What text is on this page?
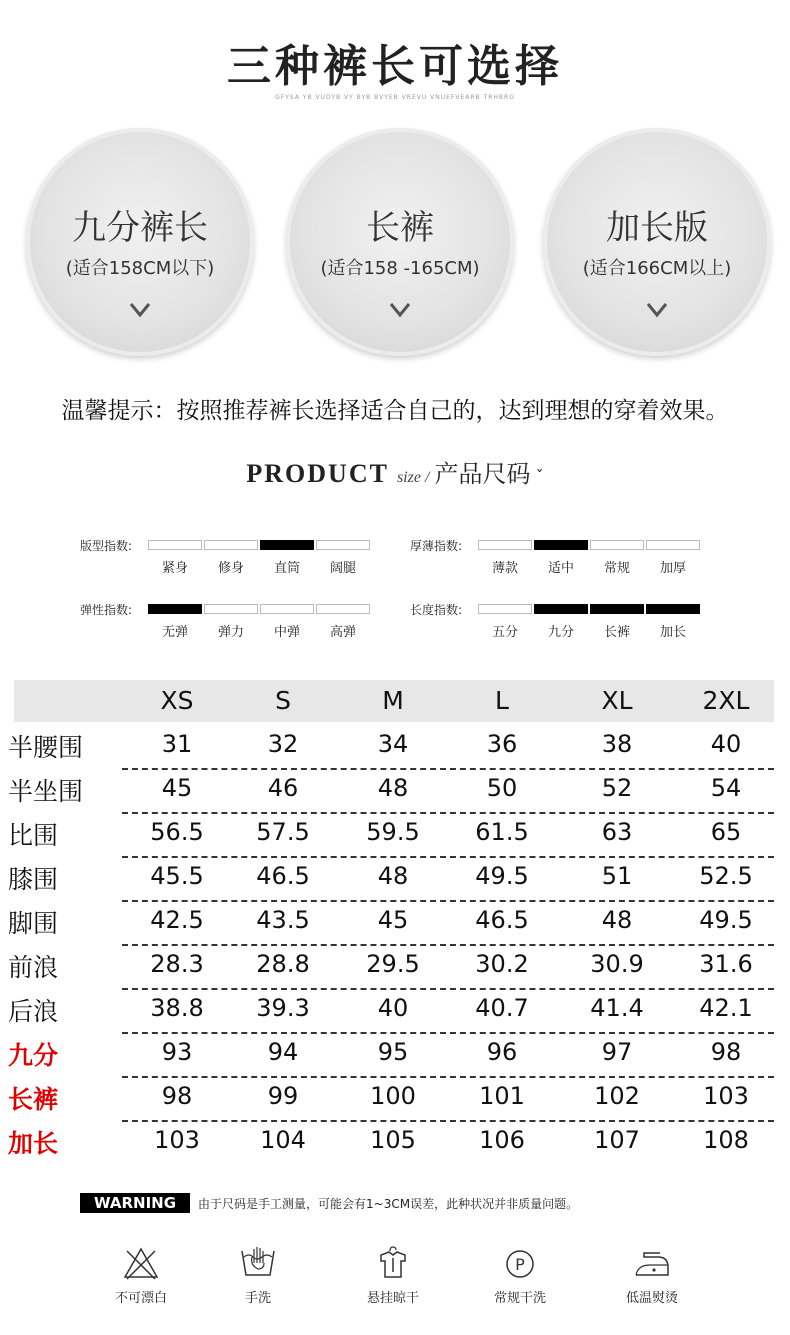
三种裤长可选择
GFYSA YB VUDYB VY BYB BVYEB VREVU VNUEFVEARB TRHBRG
九分裤长
(适合158CM以下)
长裤
(适合158 -165CM)
加长版
(适合166CM以上)
温馨提示：按照推荐裤长选择适合自己的，达到理想的穿着效果。
PRODUCT size / 产品尺码 ˇ
版型指数:
紧身	修身	直筒	阔腿
厚薄指数:
薄款	适中	常规	加厚
弹性指数:
无弹	弹力	中弹	高弹
长度指数:
五分	九分	长裤	加长
XS	S	M	L	XL	2XL
半腰围	31	32	34	36	38	40
半坐围	45	46	48	50	52	54
比围	56.5	57.5	59.5	61.5	63	65
膝围	45.5	46.5	48	49.5	51	52.5
脚围	42.5	43.5	45	46.5	48	49.5
前浪	28.3	28.8	29.5	30.2	30.9	31.6
后浪	38.8	39.3	40	40.7	41.4	42.1
九分	93	94	95	96	97	98
长裤	98	99	100	101	102	103
加长	103	104	105	106	107	108
WARNING	由于尺码是手工测量，可能会有1~3CM误差，此种状况并非质量问题。
不可漂白	手洗	悬挂晾干
P
常规干洗	低温熨烫
